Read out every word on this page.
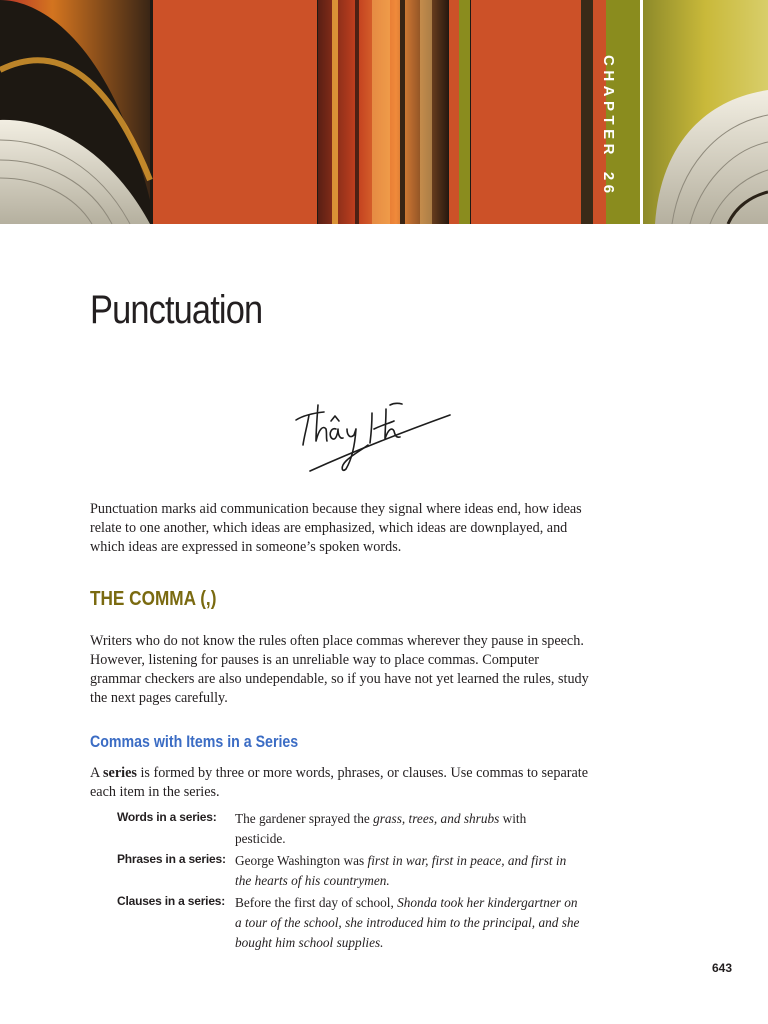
CHAPTER 26
Punctuation

Punctuation marks aid communication because they signal where ideas end, how ideas relate to one another, which ideas are emphasized, which ideas are downplayed, and which ideas are expressed in someone’s spoken words.

THE COMMA (,)

Writers who do not know the rules often place commas wherever they pause in speech. However, listening for pauses is an unreliable way to place commas. Computer grammar checkers are also undependable, so if you have not yet learned the rules, study the next pages carefully.

Commas with Items in a Series

A series is formed by three or more words, phrases, or clauses. Use commas to separate each item in the series.

Words in a series:	The gardener sprayed the grass, trees, and shrubs with pesticide.
Phrases in a series: George Washington was first in war, first in peace, and first in the hearts of his countrymen.
Clauses in a series: Before the first day of school, Shonda took her kindergartner on a tour of the school, she introduced him to the principal, and she bought him school supplies.
643
